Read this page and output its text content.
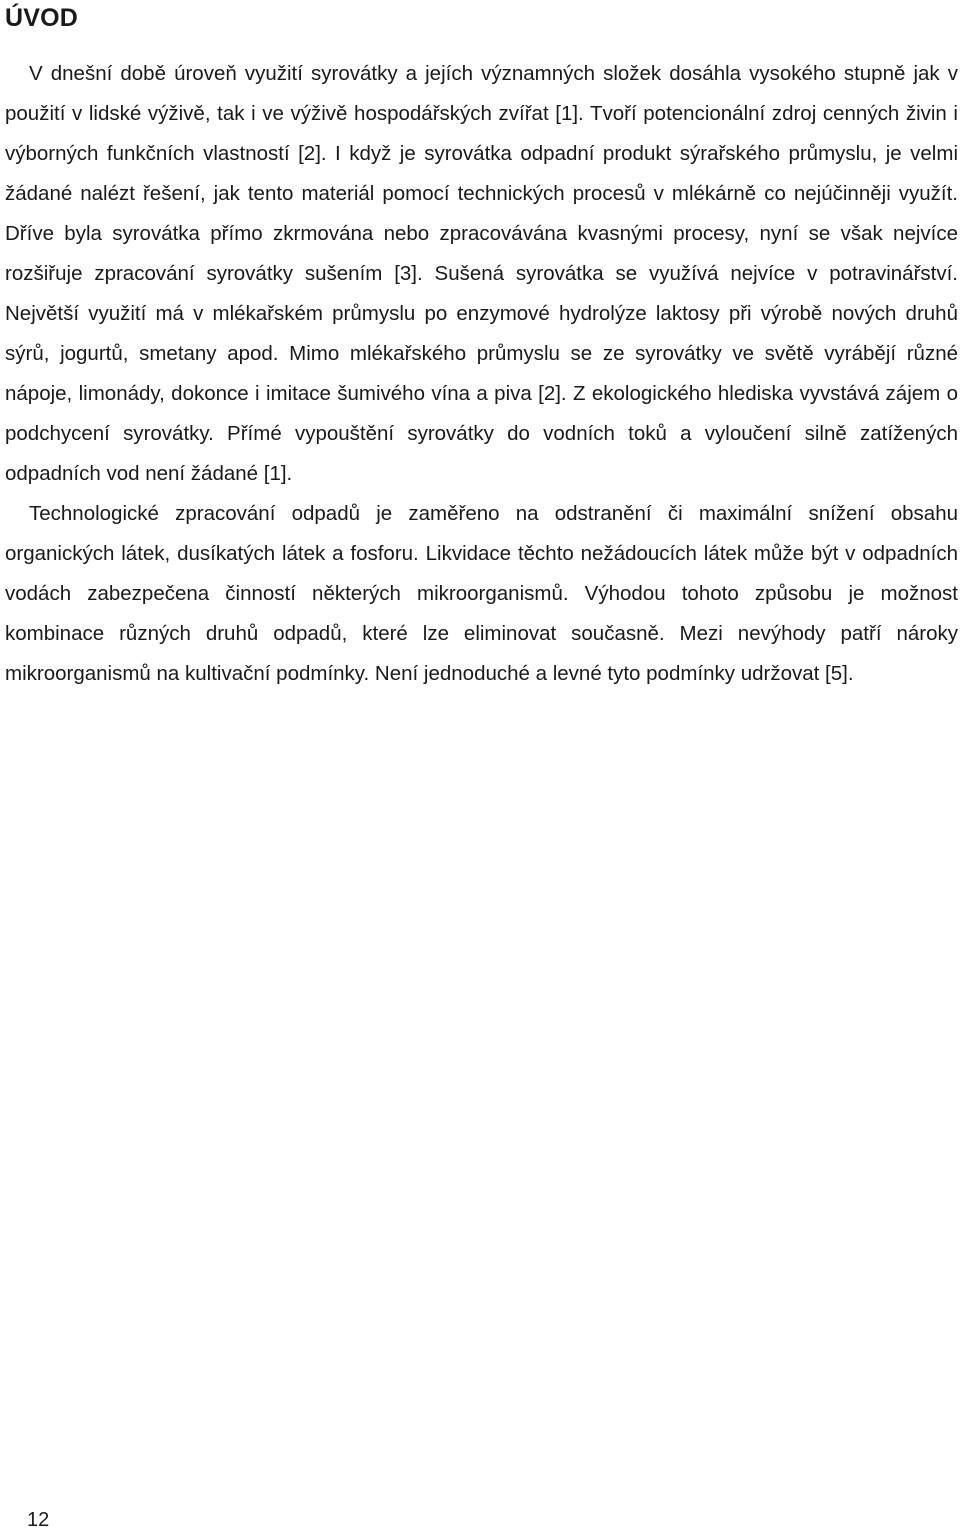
ÚVOD

V dnešní době úroveň využití syrovátky a jejích významných složek dosáhla vysokého stupně jak v použití v lidské výživě, tak i ve výživě hospodářských zvířat [1]. Tvoří potencionální zdroj cenných živin i výborných funkčních vlastností [2]. I když je syrovátka odpadní produkt sýrařského průmyslu, je velmi žádané nalézt řešení, jak tento materiál pomocí technických procesů v mlékárně co nejúčinněji využít. Dříve byla syrovátka přímo zkrmována nebo zpracovávána kvasnými procesy, nyní se však nejvíce rozšiřuje zpracování syrovátky sušením [3]. Sušená syrovátka se využívá nejvíce v potravinářství. Největší využití má v mlékařském průmyslu po enzymové hydrolýze laktosy při výrobě nových druhů sýrů, jogurtů, smetany apod. Mimo mlékařského průmyslu se ze syrovátky ve světě vyrábějí různé nápoje, limonády, dokonce i imitace šumivého vína a piva [2]. Z ekologického hlediska vyvstává zájem o podchycení syrovátky. Přímé vypouštění syrovátky do vodních toků a vyloučení silně zatížených odpadních vod není žádané [1].

Technologické zpracování odpadů je zaměřeno na odstranění či maximální snížení obsahu organických látek, dusíkatých látek a fosforu. Likvidace těchto nežádoucích látek může být v odpadních vodách zabezpečena činností některých mikroorganismů. Výhodou tohoto způsobu je možnost kombinace různých druhů odpadů, které lze eliminovat současně. Mezi nevýhody patří nároky mikroorganismů na kultivační podmínky. Není jednoduché a levné tyto podmínky udržovat [5].

12
